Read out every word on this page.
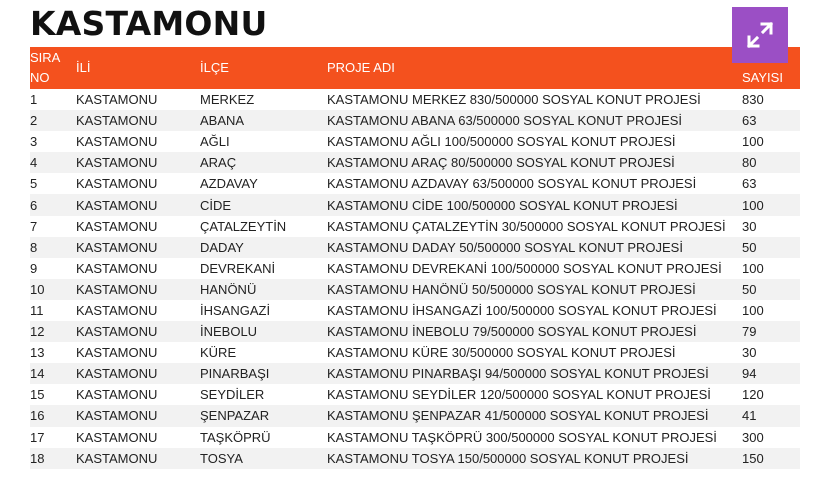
KASTAMONU
SIRA
NO	İLİ	İLÇE	PROJE ADI	SAYISI

1	KASTAMONU	MERKEZ	KASTAMONU MERKEZ 830/500000 SOSYAL KONUT PROJESİ	830
2	KASTAMONU	ABANA	KASTAMONU ABANA 63/500000 SOSYAL KONUT PROJESİ	63
3	KASTAMONU	AĞLI	KASTAMONU AĞLI 100/500000 SOSYAL KONUT PROJESİ	100
4	KASTAMONU	ARAÇ	KASTAMONU ARAÇ 80/500000 SOSYAL KONUT PROJESİ	80
5	KASTAMONU	AZDAVAY	KASTAMONU AZDAVAY 63/500000 SOSYAL KONUT PROJESİ	63
6	KASTAMONU	CİDE	KASTAMONU CİDE 100/500000 SOSYAL KONUT PROJESİ	100
7	KASTAMONU	ÇATALZEYTİN	KASTAMONU ÇATALZEYTİN 30/500000 SOSYAL KONUT PROJESİ	30
8	KASTAMONU	DADAY	KASTAMONU DADAY 50/500000 SOSYAL KONUT PROJESİ	50
9	KASTAMONU	DEVREKANİ	KASTAMONU DEVREKANİ 100/500000 SOSYAL KONUT PROJESİ	100
10	KASTAMONU	HANÖNÜ	KASTAMONU HANÖNÜ 50/500000 SOSYAL KONUT PROJESİ	50
11	KASTAMONU	İHSANGAZİ	KASTAMONU İHSANGAZİ 100/500000 SOSYAL KONUT PROJESİ	100
12	KASTAMONU	İNEBOLU	KASTAMONU İNEBOLU 79/500000 SOSYAL KONUT PROJESİ	79
13	KASTAMONU	KÜRE	KASTAMONU KÜRE 30/500000 SOSYAL KONUT PROJESİ	30
14	KASTAMONU	PINARBAŞI	KASTAMONU PINARBAŞI 94/500000 SOSYAL KONUT PROJESİ	94
15	KASTAMONU	SEYDİLER	KASTAMONU SEYDİLER 120/500000 SOSYAL KONUT PROJESİ	120
16	KASTAMONU	ŞENPAZAR	KASTAMONU ŞENPAZAR 41/500000 SOSYAL KONUT PROJESİ	41
17	KASTAMONU	TAŞKÖPRÜ	KASTAMONU TAŞKÖPRÜ 300/500000 SOSYAL KONUT PROJESİ	300
18	KASTAMONU	TOSYA	KASTAMONU TOSYA 150/500000 SOSYAL KONUT PROJESİ	150
